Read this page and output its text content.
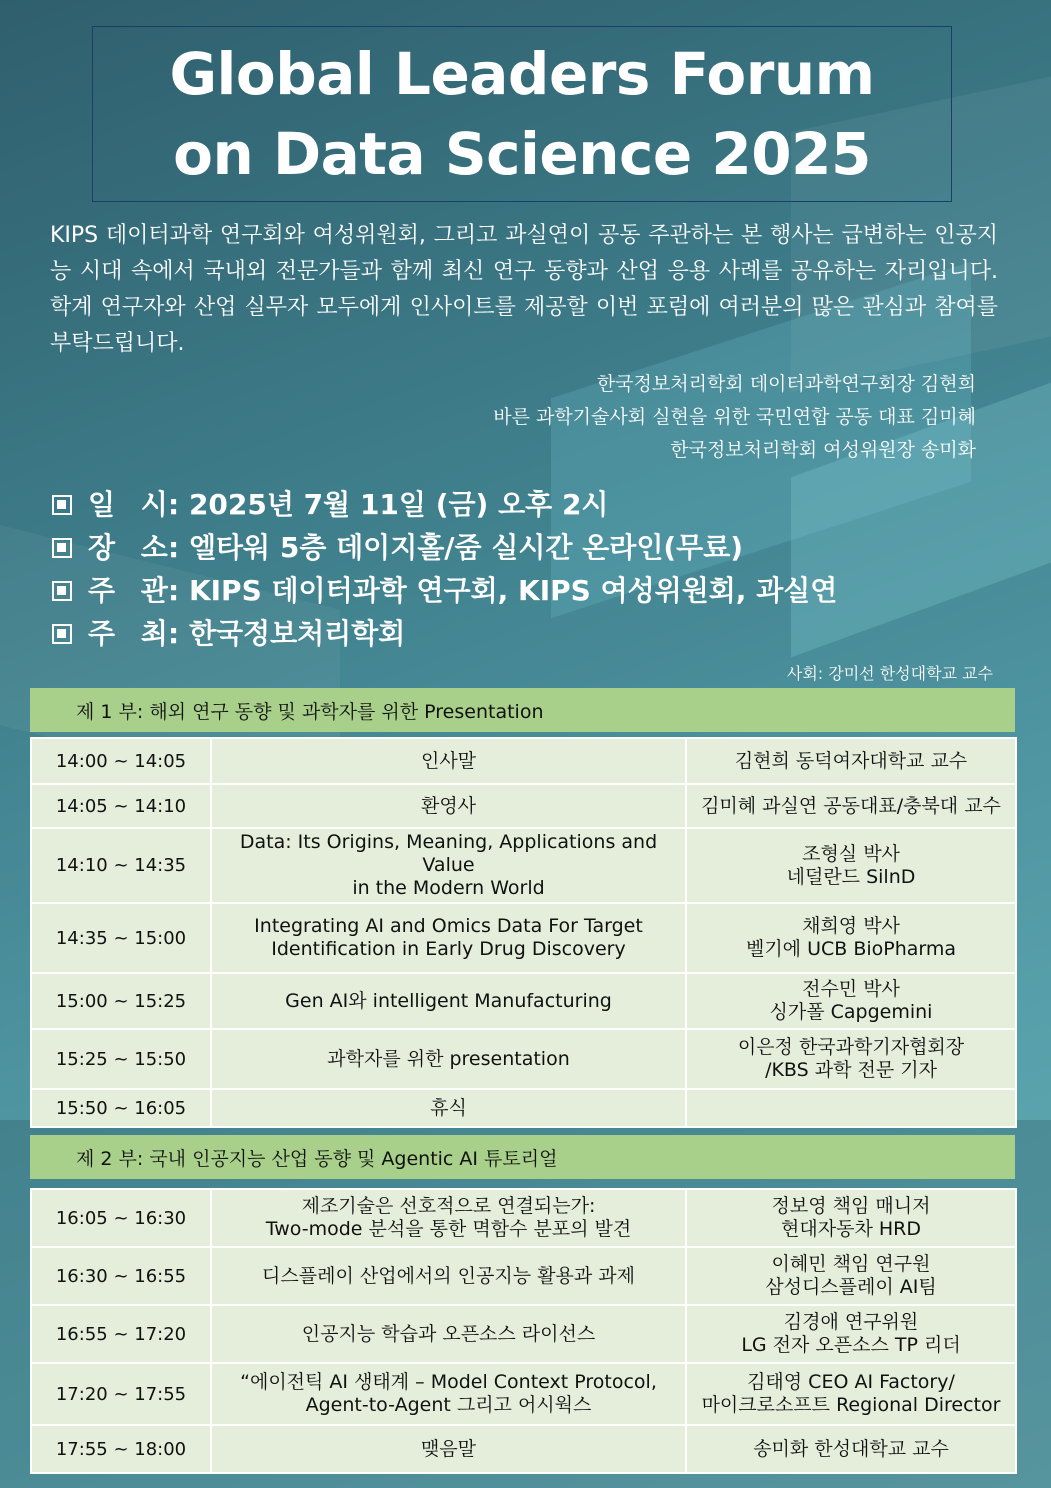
Global Leaders Forum
on Data Science 2025
KIPS 데이터과학 연구회와 여성위원회, 그리고 과실연이 공동 주관하는 본 행사는 급변하는 인공지능 시대 속에서 국내외 전문가들과 함께 최신 연구 동향과 산업 응용 사례를 공유하는 자리입니다. 학계 연구자와 산업 실무자 모두에게 인사이트를 제공할 이번 포럼에 여러분의 많은 관심과 참여를 부탁드립니다.
한국정보처리학회 데이터과학연구회장 김현희
바른 과학기술사회 실현을 위한 국민연합 공동 대표 김미혜
한국정보처리학회 여성위원장 송미화
일 시
: 2025년 7월 11일 (금) 오후 2시
장 소
: 엘타워 5층 데이지홀/줌 실시간 온라인(무료)
주 관
: KIPS 데이터과학 연구회, KIPS 여성위원회, 과실연
주 최
: 한국정보처리학회
사회: 강미선 한성대학교 교수
제 1 부: 해외 연구 동향 및 과학자를 위한 Presentation
14:00 ~ 14:05	인사말	김현희 동덕여자대학교 교수

14:05 ~ 14:10	환영사	김미혜 과실연 공동대표/충북대 교수

14:10 ~ 14:35	Data: Its Origins, Meaning, Applications and Value
in the Modern World	조형실 박사
네덜란드 SilnD

14:35 ~ 15:00	Integrating AI and Omics Data For Target
Identification in Early Drug Discovery	채희영 박사
벨기에 UCB BioPharma

15:00 ~ 15:25	Gen AI와 intelligent Manufacturing	전수민 박사
싱가폴 Capgemini

15:25 ~ 15:50	과학자를 위한 presentation	이은정 한국과학기자협회장
/KBS 과학 전문 기자

15:50 ~ 16:05	휴식	

제 2 부: 국내 인공지능 산업 동향 및 Agentic AI 튜토리얼
16:05 ~ 16:30	제조기술은 선호적으로 연결되는가:
Two-mode 분석을 통한 멱함수 분포의 발견	정보영 책임 매니저
현대자동차 HRD

16:30 ~ 16:55	디스플레이 산업에서의 인공지능 활용과 과제	이혜민 책임 연구원
삼성디스플레이 AI팀

16:55 ~ 17:20	인공지능 학습과 오픈소스 라이선스	김경애 연구위원
LG 전자 오픈소스 TP 리더

17:20 ~ 17:55	“에이전틱 AI 생태계 – Model Context Protocol,
Agent-to-Agent 그리고 어시웍스	김태영 CEO AI Factory/
마이크로소프트 Regional Director

17:55 ~ 18:00	맺음말	송미화 한성대학교 교수
